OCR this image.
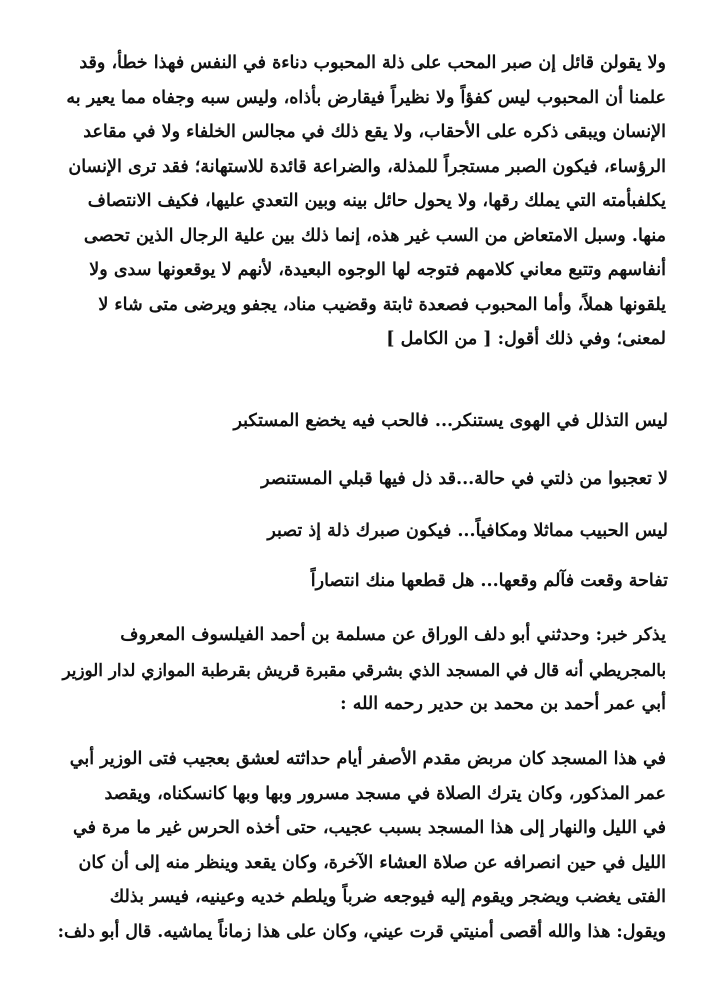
ولا يقولن قائل إن صبر المحب على ذلة المحبوب دناءة في النفس فهذا خطأ، وقد
علمنا أن المحبوب ليس كفؤاً ولا نظيراً فيقارض بأذاه، وليس سبه وجفاه مما يعير به
الإنسان ويبقى ذكره على الأحقاب، ولا يقع ذلك في مجالس الخلفاء ولا في مقاعد
الرؤساء، فيكون الصبر مستجراً للمذلة، والضراعة قائدة للاستهانة؛ فقد ترى الإنسان
يكلفبأمته التي يملك رقها، ولا يحول حائل بينه وبين التعدي عليها، فكيف الانتصاف
منها. وسبل الامتعاض من السب غير هذه، إنما ذلك بين علية الرجال الذين تحصى
أنفاسهم وتتبع معاني كلامهم فتوجه لها الوجوه البعيدة، لأنهم لا يوقعونها سدى ولا
يلقونها هملاً، وأما المحبوب فصعدة ثابتة وقضيب مناد، يجفو ويرضى متى شاء لا
لمعنى؛ وفي ذلك أقول: [ من الكامل ]
ليس التذلل في الهوى يستنكر... فالحب فيه يخضع المستكبر
لا تعجبوا من ذلتي في حالة...قد ذل فيها قبلي المستنصر
ليس الحبيب مماثلا ومكافياً... فيكون صبرك ذلة إذ تصبر
تفاحة وقعت فآلم وقعها... هل قطعها منك انتصاراً
يذكر خبر: وحدثني أبو دلف الوراق عن مسلمة بن أحمد الفيلسوف المعروف
بالمجريطي أنه قال في المسجد الذي بشرقي مقبرة قريش بقرطبة الموازي لدار الوزير
أبي عمر أحمد بن محمد بن حدير رحمه الله :
في هذا المسجد كان مربض مقدم الأصفر أيام حداثته لعشق بعجيب فتى الوزير أبي
عمر المذكور، وكان يترك الصلاة في مسجد مسرور وبها وبها كانسكناه، ويقصد
في الليل والنهار إلى هذا المسجد بسبب عجيب، حتى أخذه الحرس غير ما مرة في
الليل في حين انصرافه عن صلاة العشاء الآخرة، وكان يقعد وينظر منه إلى أن كان
الفتى يغضب ويضجر ويقوم إليه فيوجعه ضرباً ويلطم خديه وعينيه، فيسر بذلك
ويقول: هذا والله أقصى أمنيتي قرت عيني، وكان على هذا زماناً يماشيه. قال أبو دلف:
